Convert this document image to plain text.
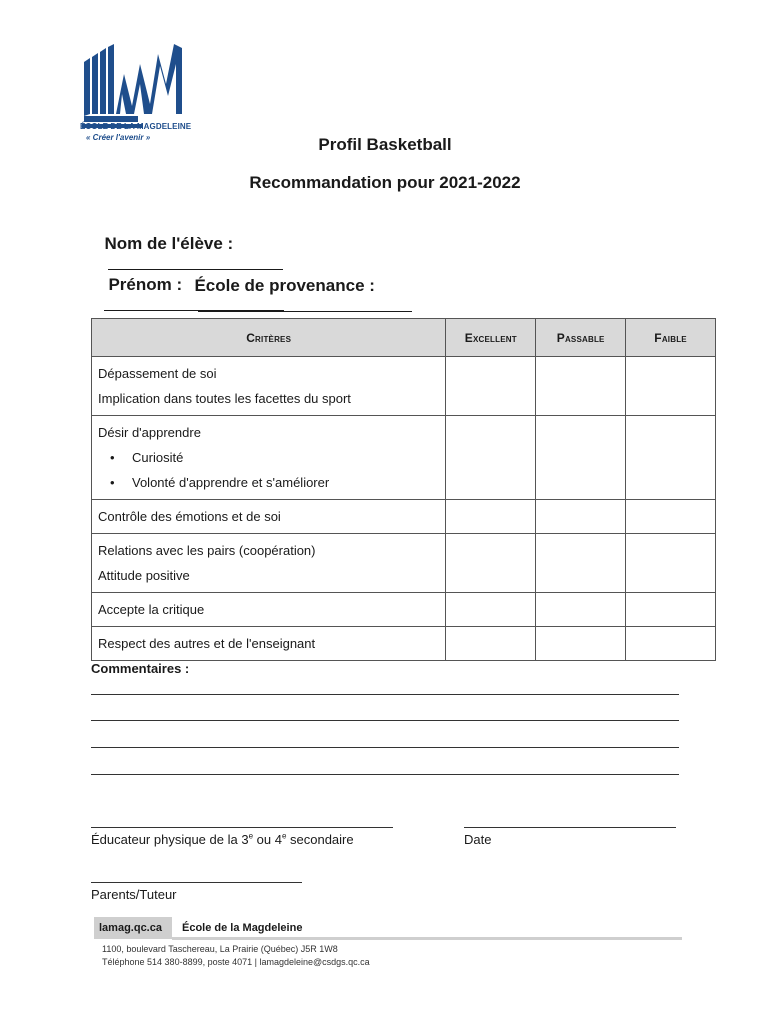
ÉCOLE DE LA MAGDELEINE
« Créer l'avenir »	Profil Basketball
Recommandation pour 2021-2022

Nom de l'élève :

Prénom :
École de provenance :

Critères	Excellent	Passable	Faible

Dépassement de soi
Implication dans toutes les facettes du sport			

Désir d'apprendre
• Curiosité
• Volonté d'apprendre et s'améliorer

Contrôle des émotions et de soi			

Relations avec les pairs (coopération)
Attitude positive			

Accepte la critique			

Respect des autres et de l'enseignant			

Commentaires :
Éducateur physique de la 3e ou 4e secondaire	Date
Parents/Tuteur
lamag.qc.ca	École de la Magdeleine
1100, boulevard Taschereau, La Prairie (Québec) J5R 1W8
Téléphone 514 380-8899, poste 4071 | lamagdeleine@csdgs.qc.ca
